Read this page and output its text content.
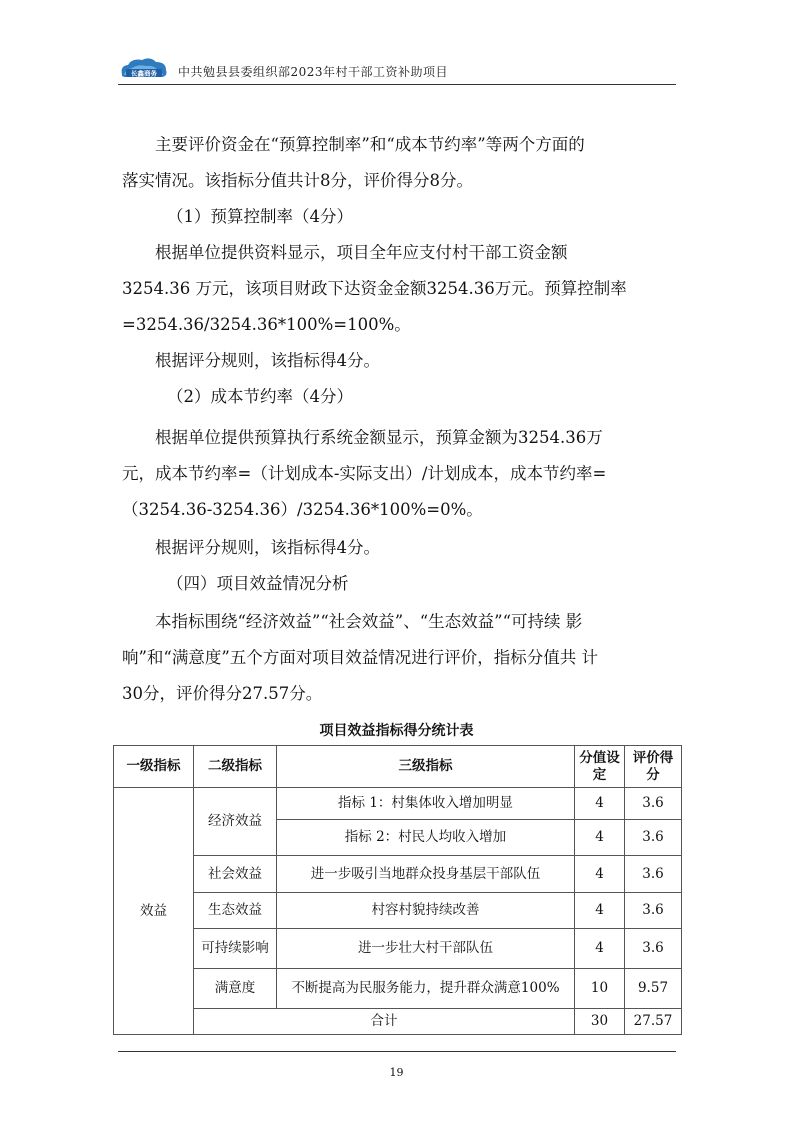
长鑫商务 中共勉县县委组织部2023年村干部工资补助项目

主要评价资金在“预算控制率”和“成本节约率”等两个方面的
落实情况。该指标分值共计8分，评价得分8分。

（1）预算控制率（4分）

根据单位提供资料显示，项目全年应支付村干部工资金额
3254.36 万元，该项目财政下达资金金额3254.36万元。预算控制率
=3254.36/3254.36*100%=100%。

根据评分规则，该指标得4分。

（2）成本节约率（4分）

根据单位提供预算执行系统金额显示，预算金额为3254.36万
元，成本节约率=（计划成本-实际支出）/计划成本，成本节约率=
（3254.36-3254.36）/3254.36*100%=0%。

根据评分规则，该指标得4分。

（四）项目效益情况分析

本指标围绕“经济效益”“社会效益”、“生态效益”“可持续 影
响”和“满意度”五个方面对项目效益情况进行评价，指标分值共 计
30分，评价得分27.57分。

项目效益指标得分统计表
一级指标	二级指标	三级指标	分值设定	评价得分
效益	经济效益	指标 1：村集体收入增加明显	4	3.6
		指标 2：村民人均收入增加	4	3.6
	社会效益	进一步吸引当地群众投身基层干部队伍	4	3.6
	生态效益	村容村貌持续改善	4	3.6
	可持续影响	进一步壮大村干部队伍	4	3.6
	满意度	不断提高为民服务能力，提升群众满意100%	10	9.57
	合计		30	27.57
19
